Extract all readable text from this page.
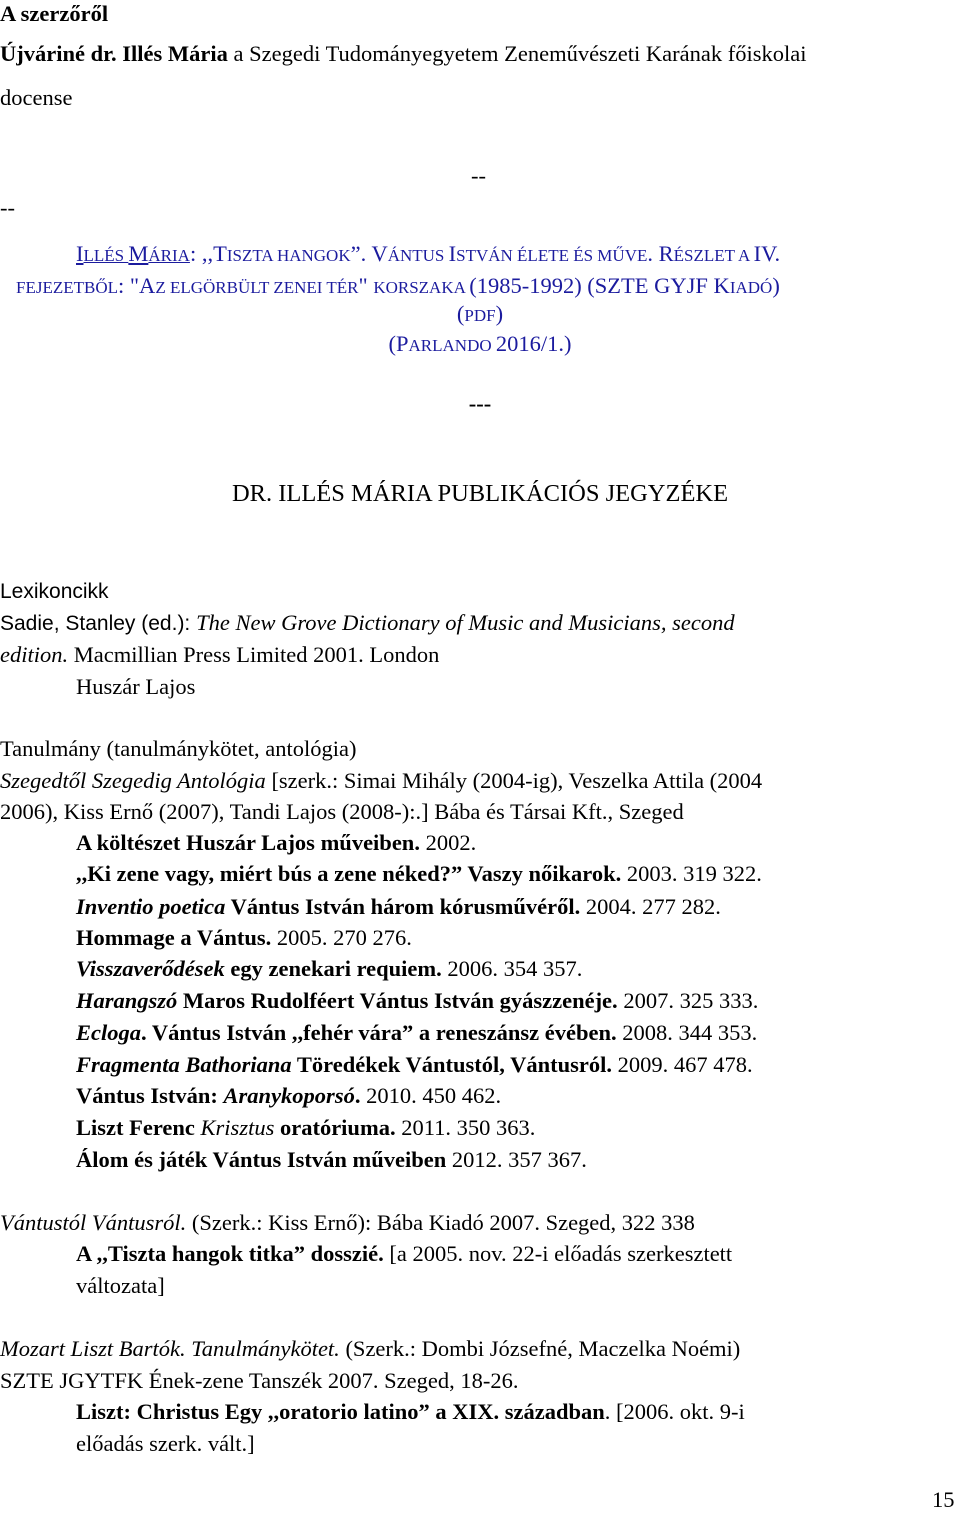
A szerzőről
Újváriné dr. Illés Mária a Szegedi Tudományegyetem Zeneművészeti Karának főiskolai
docense
--
--
ILLÉS MÁRIA: ,,TISZTA HANGOK”. VÁNTUS ISTVÁN ÉLETE ÉS MŰVE. RÉSZLET A IV.
FEJEZETBŐL: "AZ ELGÖRBÜLT ZENEI TÉR" KORSZAKA (1985-1992) (SZTE GYJF KIADÓ)
(PDF)
(PARLANDO 2016/1.)
---
DR. ILLÉS MÁRIA PUBLIKÁCIÓS JEGYZÉKE
Lexikoncikk
Sadie, Stanley (ed.): The New Grove Dictionary of Music and Musicians, second
edition. Macmillian Press Limited 2001. London
Huszár Lajos
Tanulmány (tanulmánykötet, antológia)
Szegedtől Szegedig Antológia [szerk.: Simai Mihály (2004-ig), Veszelka Attila (2004
2006), Kiss Ernő (2007), Tandi Lajos (2008-):.] Bába és Társai Kft., Szeged
A költészet Huszár Lajos műveiben. 2002.
,,Ki zene vagy, miért bús a zene néked?” Vaszy nőikarok. 2003. 319 322.
Inventio poetica Vántus István három kórusművéről. 2004. 277 282.
Hommage a Vántus. 2005. 270 276.
Visszaverődések egy zenekari requiem. 2006. 354 357.
Harangszó Maros Rudolféert Vántus István gyászzenéje. 2007. 325 333.
Ecloga. Vántus István ,,fehér vára” a reneszánsz évében. 2008. 344 353.
Fragmenta Bathoriana Töredékek Vántustól, Vántusról. 2009. 467 478.
Vántus István: Aranykoporsó. 2010. 450 462.
Liszt Ferenc Krisztus oratóriuma. 2011. 350 363.
Álom és játék Vántus István műveiben 2012. 357 367.
Vántustól Vántusról. (Szerk.: Kiss Ernő): Bába Kiadó 2007. Szeged, 322 338
A ,,Tiszta hangok titka” dosszié. [a 2005. nov. 22-i előadás szerkesztett
változata]
Mozart Liszt Bartók. Tanulmánykötet. (Szerk.: Dombi Józsefné, Maczelka Noémi)
SZTE JGYTFK Ének-zene Tanszék 2007. Szeged, 18-26.
Liszt: Christus Egy ,,oratorio latino” a XIX. században. [2006. okt. 9-i
előadás szerk. vált.]
15
